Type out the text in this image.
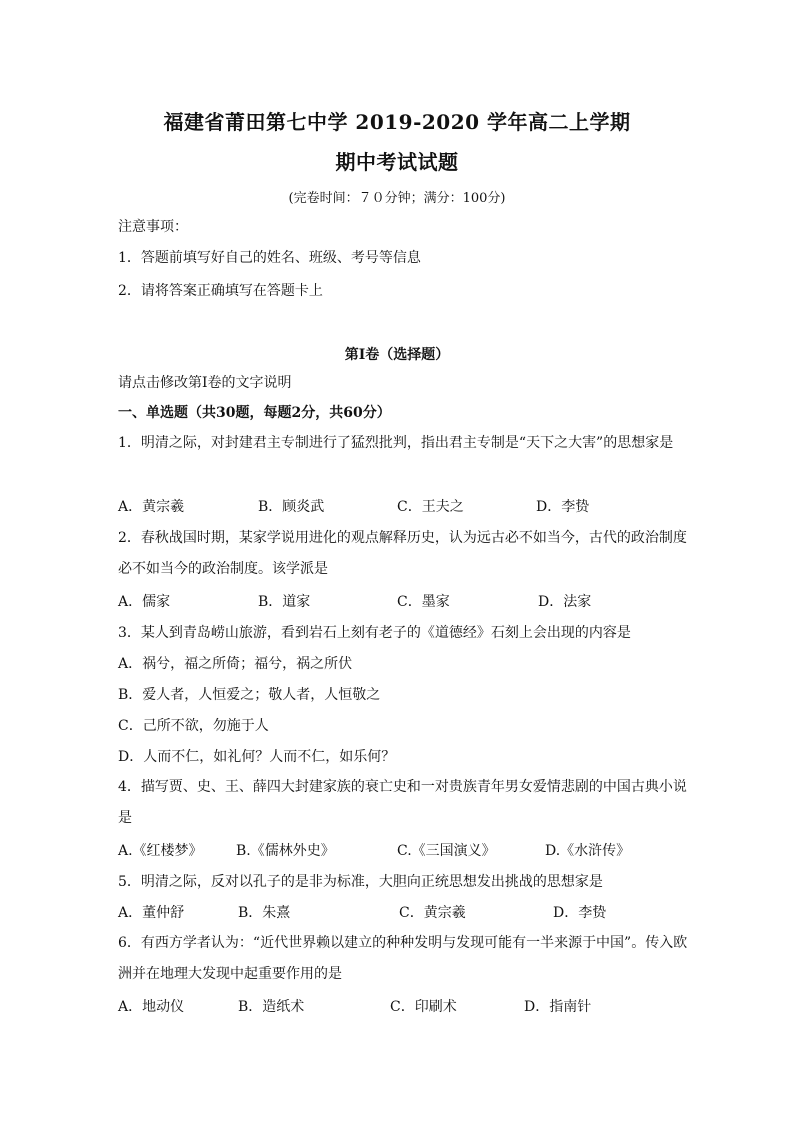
福建省莆田第七中学 2019-2020 学年高二上学期
期中考试试题
(完卷时间：７０分钟；满分：100分)
注意事项：
1．答题前填写好自己的姓名、班级、考号等信息
2．请将答案正确填写在答题卡上
第I卷（选择题）
请点击修改第I卷的文字说明
一、单选题（共30题，每题2分，共60分）
1．明清之际，对封建君主专制进行了猛烈批判，指出君主专制是“天下之大害”的思想家是
A．黄宗羲	B．顾炎武	C．王夫之	D．李贽
2．春秋战国时期，某家学说用进化的观点解释历史，认为远古必不如当今，古代的政治制度必不如当今的政治制度。该学派是
A．儒家	B．道家	C．墨家	D．法家
3．某人到青岛崂山旅游，看到岩石上刻有老子的《道德经》石刻上会出现的内容是
A．祸兮，福之所倚；福兮，祸之所伏
B．爱人者，人恒爱之；敬人者，人恒敬之
C．己所不欲，勿施于人
D．人而不仁，如礼何？人而不仁，如乐何？
4．描写贾、史、王、薛四大封建家族的衰亡史和一对贵族青年男女爱情悲剧的中国古典小说是
A.《红楼梦》 B.《儒林外史》	C.《三国演义》	D.《水浒传》
5．明清之际，反对以孔子的是非为标准，大胆向正统思想发出挑战的思想家是
A．董仲舒	B．朱熹	C．黄宗羲	D．李贽
6．有西方学者认为：“近代世界赖以建立的种种发明与发现可能有一半来源于中国”。传入欧洲并在地理大发现中起重要作用的是
A．地动仪	B．造纸术	C．印刷术	D．指南针
